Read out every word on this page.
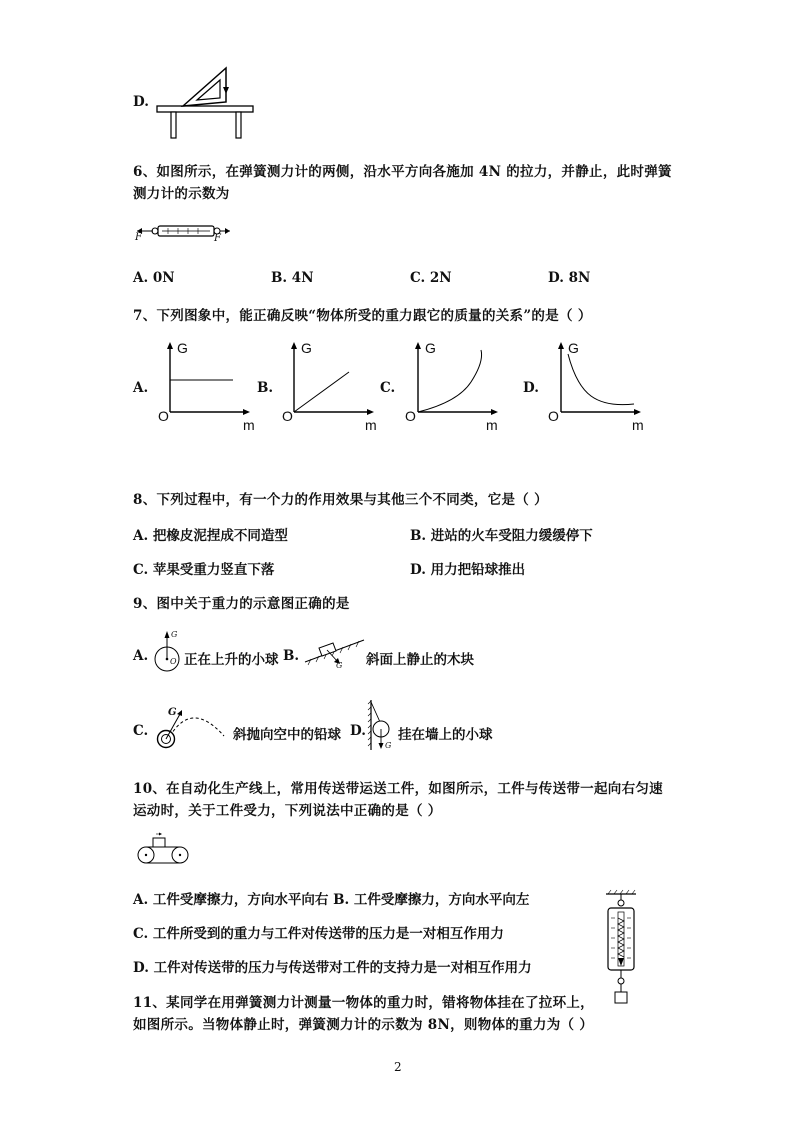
D.
6、如图所示，在弹簧测力计的两侧，沿水平方向各施加 4N 的拉力，并静止，此时弹簧
测力计的示数为
F	F
A. 0N	B. 4N	C. 2N	D. 8N
7、下列图象中，能正确反映“物体所受的重力跟它的质量的关系”的是（ ）
A.
G
O
m
B.
G
O
m
C.
G
O
m
D.
G
O
m
8、下列过程中，有一个力的作用效果与其他三个不同类，它是（ ）
A. 把橡皮泥捏成不同造型	B. 进站的火车受阻力缓缓停下
C. 苹果受重力竖直下落	D. 用力把铅球推出
9、图中关于重力的示意图正确的是
A.
G
O 正在上升的小球 B.
G 斜面上静止的木块
C.
G
斜抛向空中的铅球 D.
G
挂在墙上的小球
10、在自动化生产线上，常用传送带运送工件，如图所示，工件与传送带一起向右匀速
运动时，关于工件受力，下列说法中正确的是（ ）
A. 工件受摩擦力，方向水平向右 B. 工件受摩擦力，方向水平向左
C. 工件所受到的重力与工件对传送带的压力是一对相互作用力
D. 工件对传送带的压力与传送带对工件的支持力是一对相互作用力
11、某同学在用弹簧测力计测量一物体的重力时，错将物体挂在了拉环上，
如图所示。当物体静止时，弹簧测力计的示数为 8N，则物体的重力为（ ）
2
